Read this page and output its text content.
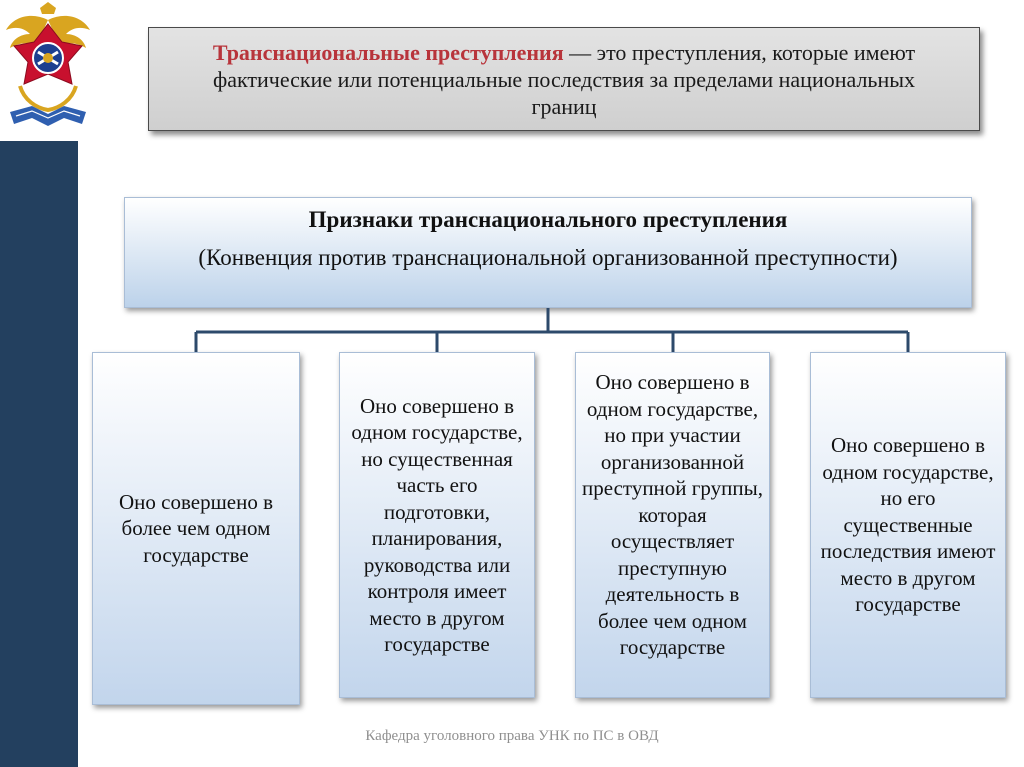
Транснациональные преступления — это преступления, которые имеют фактические или потенциальные последствия за пределами национальных границ
Признаки транснационального преступления
(Конвенция против транснациональной организованной преступности)
Оно совершено в более чем одном государстве
Оно совершено в одном государстве, но существенная часть его подготовки, планирования, руководства или контроля имеет место в другом государстве
Оно совершено в одном государстве, но при участии организованной преступной группы, которая осуществляет преступную деятельность в более чем одном государстве
Оно совершено в одном государстве, но его существенные последствия имеют место в другом государстве
Кафедра уголовного права УНК по ПС в ОВД
